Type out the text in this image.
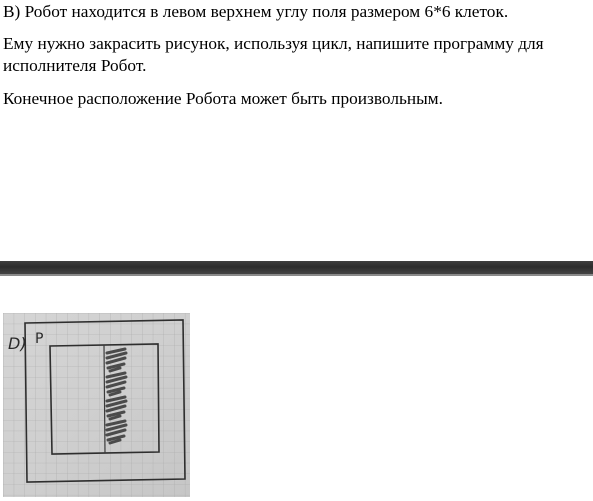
В) Робот находится в левом верхнем углу поля размером 6*6 клеток.

Ему нужно закрасить рисунок, используя цикл, напишите программу для исполнителя Робот.

Конечное расположение Робота может быть произвольным.

D) P
